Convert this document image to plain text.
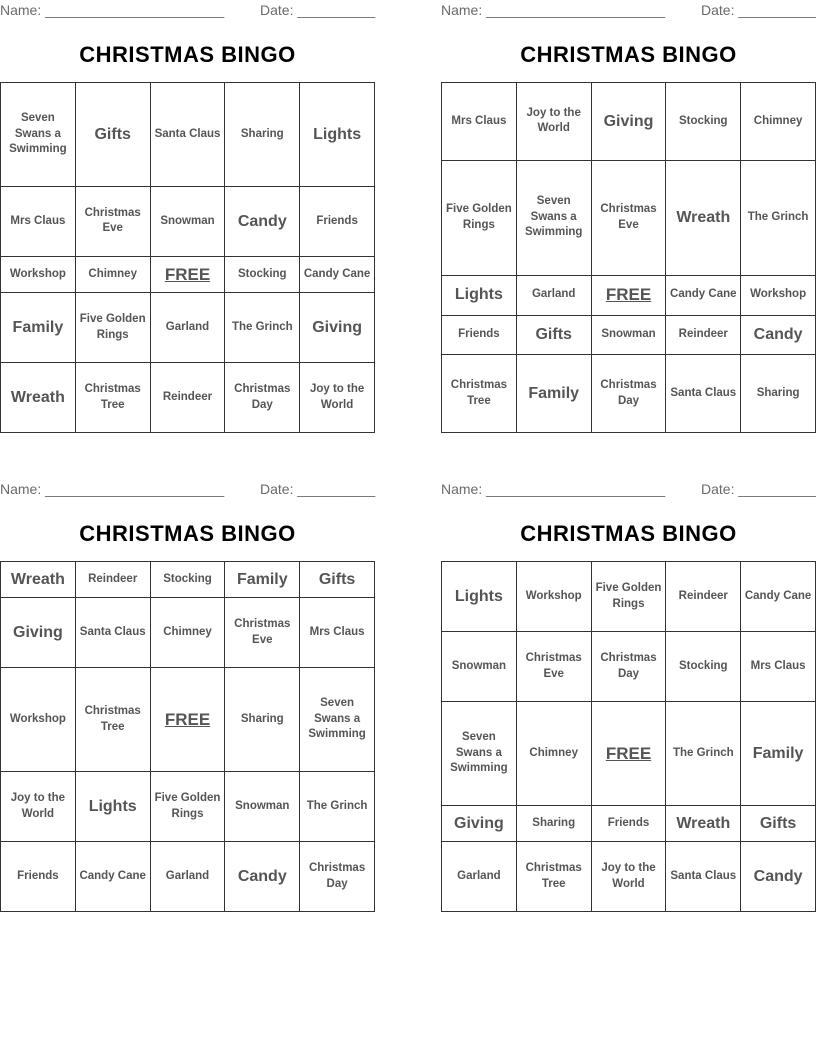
Name: _______________________	Date: __________
CHRISTMAS BINGO
Seven Swans a Swimming	Gifts	Santa Claus	Sharing	Lights
Mrs Claus	Christmas Eve	Snowman	Candy	Friends
Workshop	Chimney	FREE	Stocking	Candy Cane
Family	Five Golden Rings	Garland	The Grinch	Giving
Wreath	Christmas Tree	Reindeer	Christmas Day	Joy to the World
Name: _______________________	Date: __________
CHRISTMAS BINGO
Mrs Claus	Joy to the World	Giving	Stocking	Chimney
Five Golden Rings	Seven Swans a Swimming	Christmas Eve	Wreath	The Grinch
Lights	Garland	FREE	Candy Cane	Workshop
Friends	Gifts	Snowman	Reindeer	Candy
Christmas Tree	Family	Christmas Day	Santa Claus	Sharing
Name: _______________________	Date: __________
CHRISTMAS BINGO
Wreath	Reindeer	Stocking	Family	Gifts
Giving	Santa Claus	Chimney	Christmas Eve	Mrs Claus
Workshop	Christmas Tree	FREE	Sharing	Seven Swans a Swimming
Joy to the World	Lights	Five Golden Rings	Snowman	The Grinch
Friends	Candy Cane	Garland	Candy	Christmas Day
Name: _______________________	Date: __________
CHRISTMAS BINGO
Lights	Workshop	Five Golden Rings	Reindeer	Candy Cane
Snowman	Christmas Eve	Christmas Day	Stocking	Mrs Claus
Seven Swans a Swimming	Chimney	FREE	The Grinch	Family
Giving	Sharing	Friends	Wreath	Gifts
Garland	Christmas Tree	Joy to the World	Santa Claus	Candy
